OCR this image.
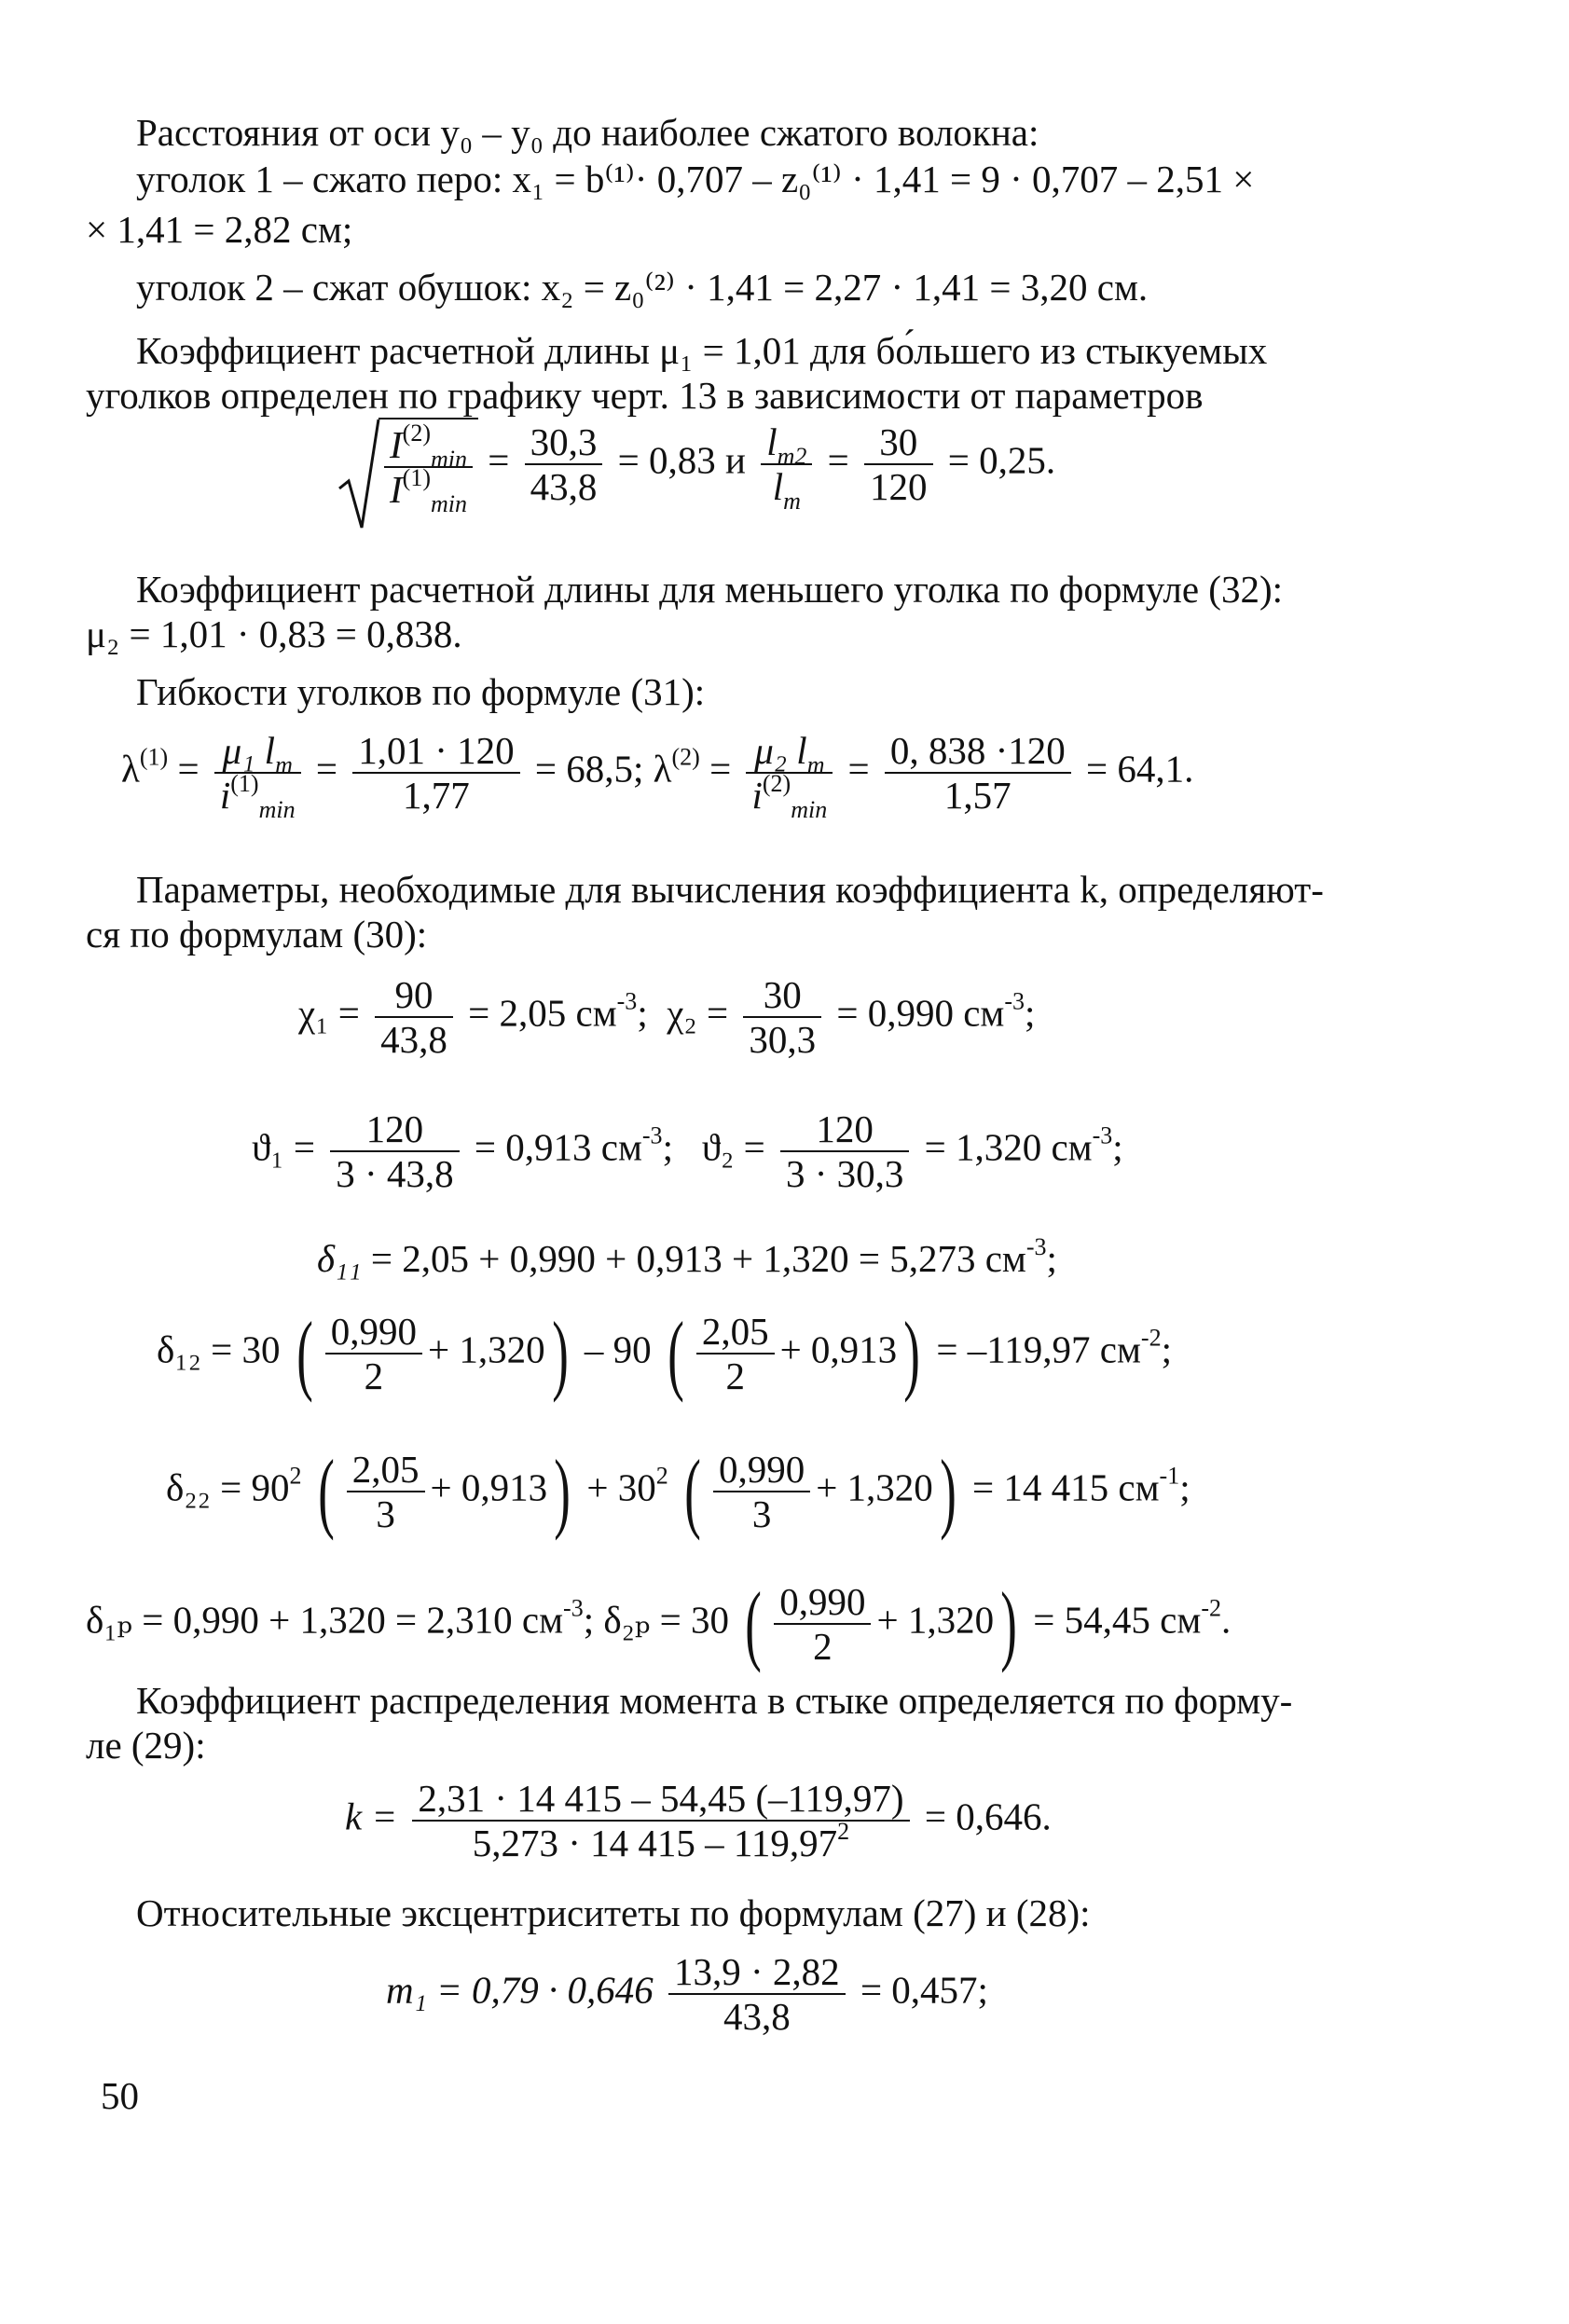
Расстояния от оси y₀ – y₀ до наиболее сжатого волокна:
уголок 1 – сжато перо: x₁ = b⁽¹⁾· 0,707 – z₀⁽¹⁾ · 1,41 = 9 · 0,707 – 2,51 ×
× 1,41 = 2,82 см;
уголок 2 – сжат обушок: x₂ = z₀⁽²⁾ · 1,41 = 2,27 · 1,41 = 3,20 см.
Коэффициент расчетной длины μ₁ = 1,01 для бо́льшего из стыкуемых
уголков определен по графику черт. 13 в зависимости от параметров
$\frac{I^{(2)}_{min}}{I^{(1)}_{min}} = \frac{30,3}{43,8} = 0,83$ и $\frac{l_{m2}}{l_m} = \frac{30}{120} = 0,25$.
Коэффициент расчетной длины для меньшего уголка по формуле (32):
μ₂ = 1,01 · 0,83 = 0,838.
Гибкости уголков по формуле (31):
$\lambda^{(1)} = \frac{\mu_1 l_m}{i^{(1)}_{min}} = \frac{1,01 \cdot 120}{1,77} = 68,5$; $\lambda^{(2)} = \frac{\mu_2 l_m}{i^{(2)}_{min}} = \frac{0, 838 \cdot 120}{1,57} = 64,1$.
Параметры, необходимые для вычисления коэффициента k, определяют-
ся по формулам (30):
$\chi_1 = \frac{90}{43,8} = 2,05$ $см^{-3}$; $\chi_2 = \frac{30}{30,3} = 0,990$ $см^{-3}$;
$ϑ_1 = \frac{120}{3 \cdot 43,8} = 0,913$ $см^{-3}$; $ϑ_2 = \frac{120}{3 \cdot 30,3} = 1,320$ $см^{-3}$;
δ₁₁ = 2,05 + 0,990 + 0,913 + 1,320 = 5,273 $см^{-3}$;
δ₁₂ = 30 ( $\frac{0,990}{2} + 1,320) - 90$ ( $\frac{2,05}{2} + 0,913) = -119,97$ $см^{-2}$;
$\delta_{22} = 90^2$ ( $\frac{2,05}{3} + 0,913) + 30^2$ ( $\frac{0,990}{3} + 1,320) = 14$ 415 $см^{-1}$;
δ₁ₚ = 0,990 + 1,320 = 2,310 $см^{-3}$; δ₂ₚ = 30 ( $\frac{0,990}{2} + 1,320) = 54,45$ $см^{-2}$.
Коэффициент распределения момента в стыке определяется по форму-
ле (29):
$k = \frac{2,31 \cdot 14 415 - 54,45 (-119,97)}{5,273 \cdot 14 415 - 119,97^2} = 0,646$.
Относительные эксцентриситеты по формулам (27) и (28):
$m_1 = 0,79 \cdot 0,646 \frac{13,9 \cdot 2,82}{43,8} = 0,457$;
50
